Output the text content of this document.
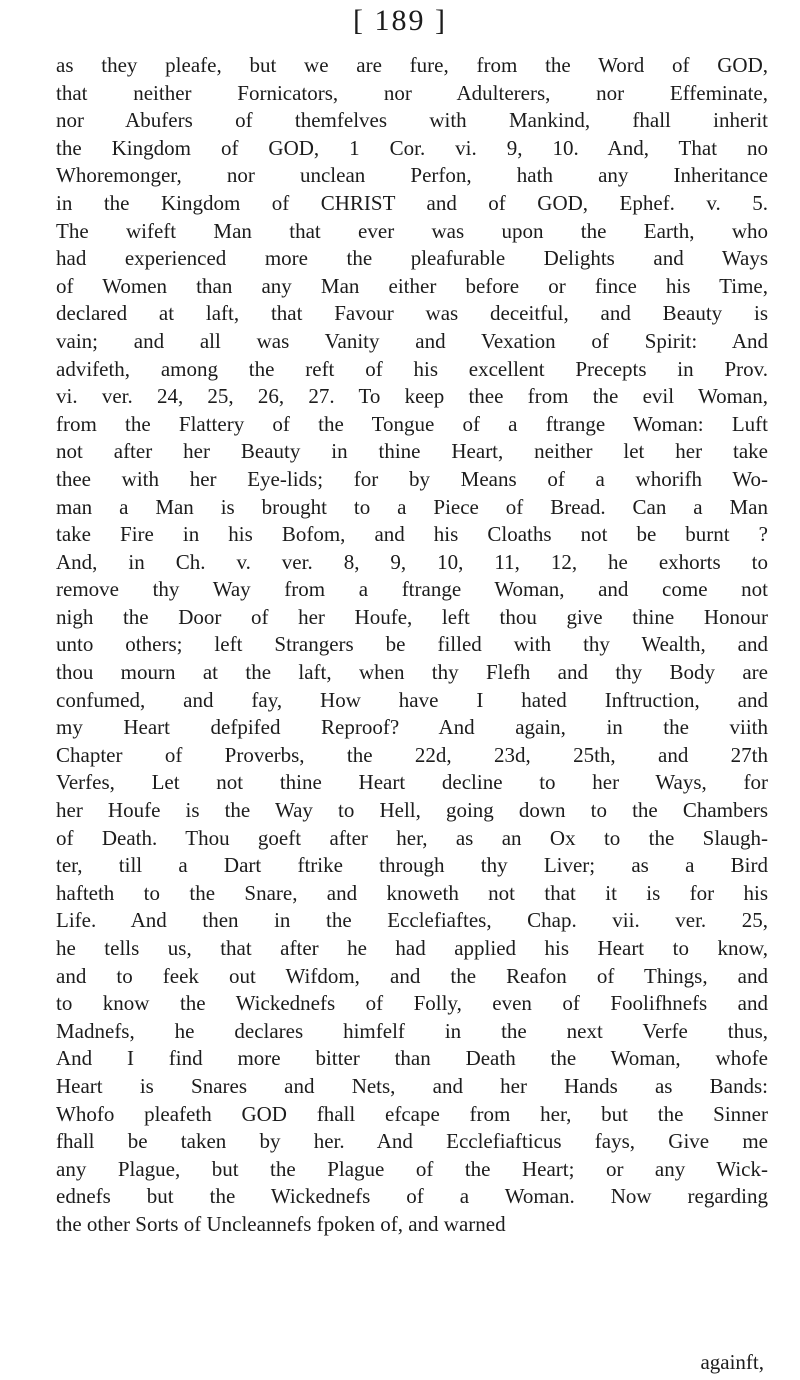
[ 189 ]
as they pleafe, but we are fure, from the Word of GOD,
that neither Fornicators, nor Adulterers, nor Effeminate,
nor Abufers of themfelves with Mankind, fhall inherit
the Kingdom of GOD, 1 Cor. vi. 9, 10. And, That no
Whoremonger, nor unclean Perfon, hath any Inheritance
in the Kingdom of CHRIST and of GOD, Ephef. v. 5.
The wifeft Man that ever was upon the Earth, who
had experienced more the pleafurable Delights and Ways
of Women than any Man either before or fince his Time,
declared at laft, that Favour was deceitful, and Beauty is
vain; and all was Vanity and Vexation of Spirit: And
advifeth, among the reft of his excellent Precepts in Prov.
vi. ver. 24, 25, 26, 27. To keep thee from the evil Woman,
from the Flattery of the Tongue of a ftrange Woman: Luft
not after her Beauty in thine Heart, neither let her take
thee with her Eye-lids; for by Means of a whorifh Wo-
man a Man is brought to a Piece of Bread. Can a Man
take Fire in his Bofom, and his Cloaths not be burnt ?
And, in Ch. v. ver. 8, 9, 10, 11, 12, he exhorts to
remove thy Way from a ftrange Woman, and come not
nigh the Door of her Houfe, left thou give thine Honour
unto others; left Strangers be filled with thy Wealth, and
thou mourn at the laft, when thy Flefh and thy Body are
confumed, and fay, How have I hated Inftruction, and
my Heart defpifed Reproof? And again, in the viith
Chapter of Proverbs, the 22d, 23d, 25th, and 27th
Verfes, Let not thine Heart decline to her Ways, for
her Houfe is the Way to Hell, going down to the Chambers
of Death. Thou goeft after her, as an Ox to the Slaugh-
ter, till a Dart ftrike through thy Liver; as a Bird
hafteth to the Snare, and knoweth not that it is for his
Life. And then in the Ecclefiaftes, Chap. vii. ver. 25,
he tells us, that after he had applied his Heart to know,
and to feek out Wifdom, and the Reafon of Things, and
to know the Wickednefs of Folly, even of Foolifhnefs and
Madnefs, he declares himfelf in the next Verfe thus,
And I find more bitter than Death the Woman, whofe
Heart is Snares and Nets, and her Hands as Bands:
Whofo pleafeth GOD fhall efcape from her, but the Sinner
fhall be taken by her. And Ecclefiafticus fays, Give me
any Plague, but the Plague of the Heart; or any Wick-
ednefs but the Wickednefs of a Woman. Now regarding
the other Sorts of Uncleannefs fpoken of, and warned
againft,
